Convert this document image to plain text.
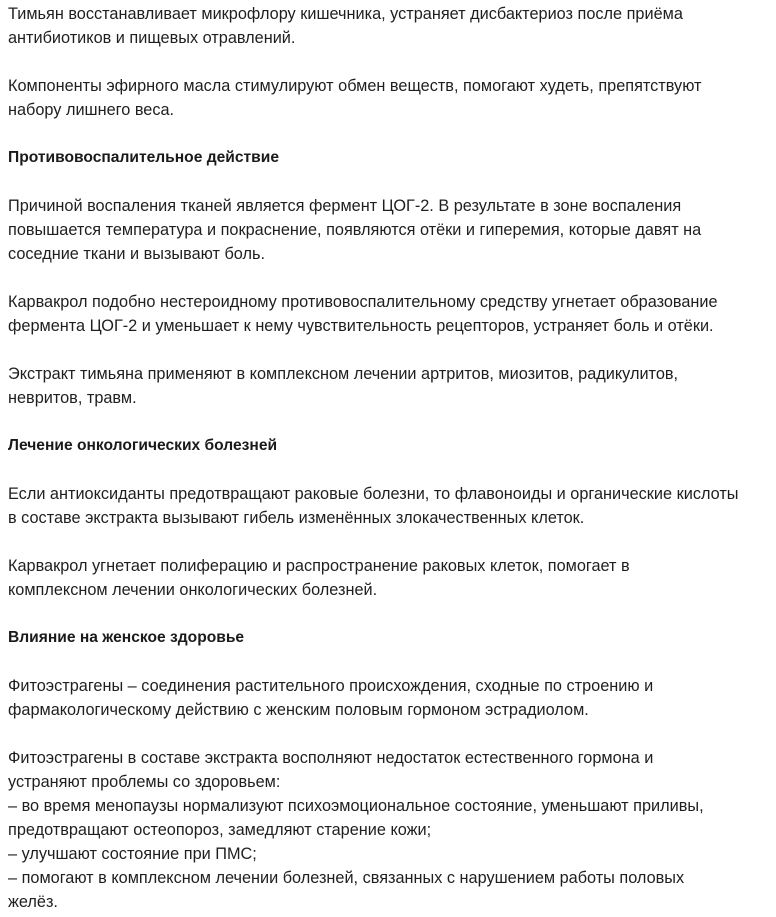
Тимьян восстанавливает микрофлору кишечника, устраняет дисбактериоз после приёма
антибиотиков и пищевых отравлений.

Компоненты эфирного масла стимулируют обмен веществ, помогают худеть, препятствуют
набору лишнего веса.

Противовоспалительное действие

Причиной воспаления тканей является фермент ЦОГ-2. В результате в зоне воспаления
повышается температура и покраснение, появляются отёки и гиперемия, которые давят на
соседние ткани и вызывают боль.

Карвакрол подобно нестероидному противовоспалительному средству угнетает образование
фермента ЦОГ-2 и уменьшает к нему чувствительность рецепторов, устраняет боль и отёки.

Экстракт тимьяна применяют в комплексном лечении артритов, миозитов, радикулитов,
невритов, травм.

Лечение онкологических болезней

Если антиоксиданты предотвращают раковые болезни, то флавоноиды и органические кислоты
в составе экстракта вызывают гибель изменённых злокачественных клеток.

Карвакрол угнетает полиферацию и распространение раковых клеток, помогает в
комплексном лечении онкологических болезней.

Влияние на женское здоровье

Фитоэстрагены – соединения растительного происхождения, сходные по строению и
фармакологическому действию с женским половым гормоном эстрадиолом.

Фитоэстрагены в составе экстракта восполняют недостаток естественного гормона и
устраняют проблемы со здоровьем:

– во время менопаузы нормализуют психоэмоциональное состояние, уменьшают приливы,
предотвращают остеопороз, замедляют старение кожи;

– улучшают состояние при ПМС;

– помогают в комплексном лечении болезней, связанных с нарушением работы половых
желёз.
